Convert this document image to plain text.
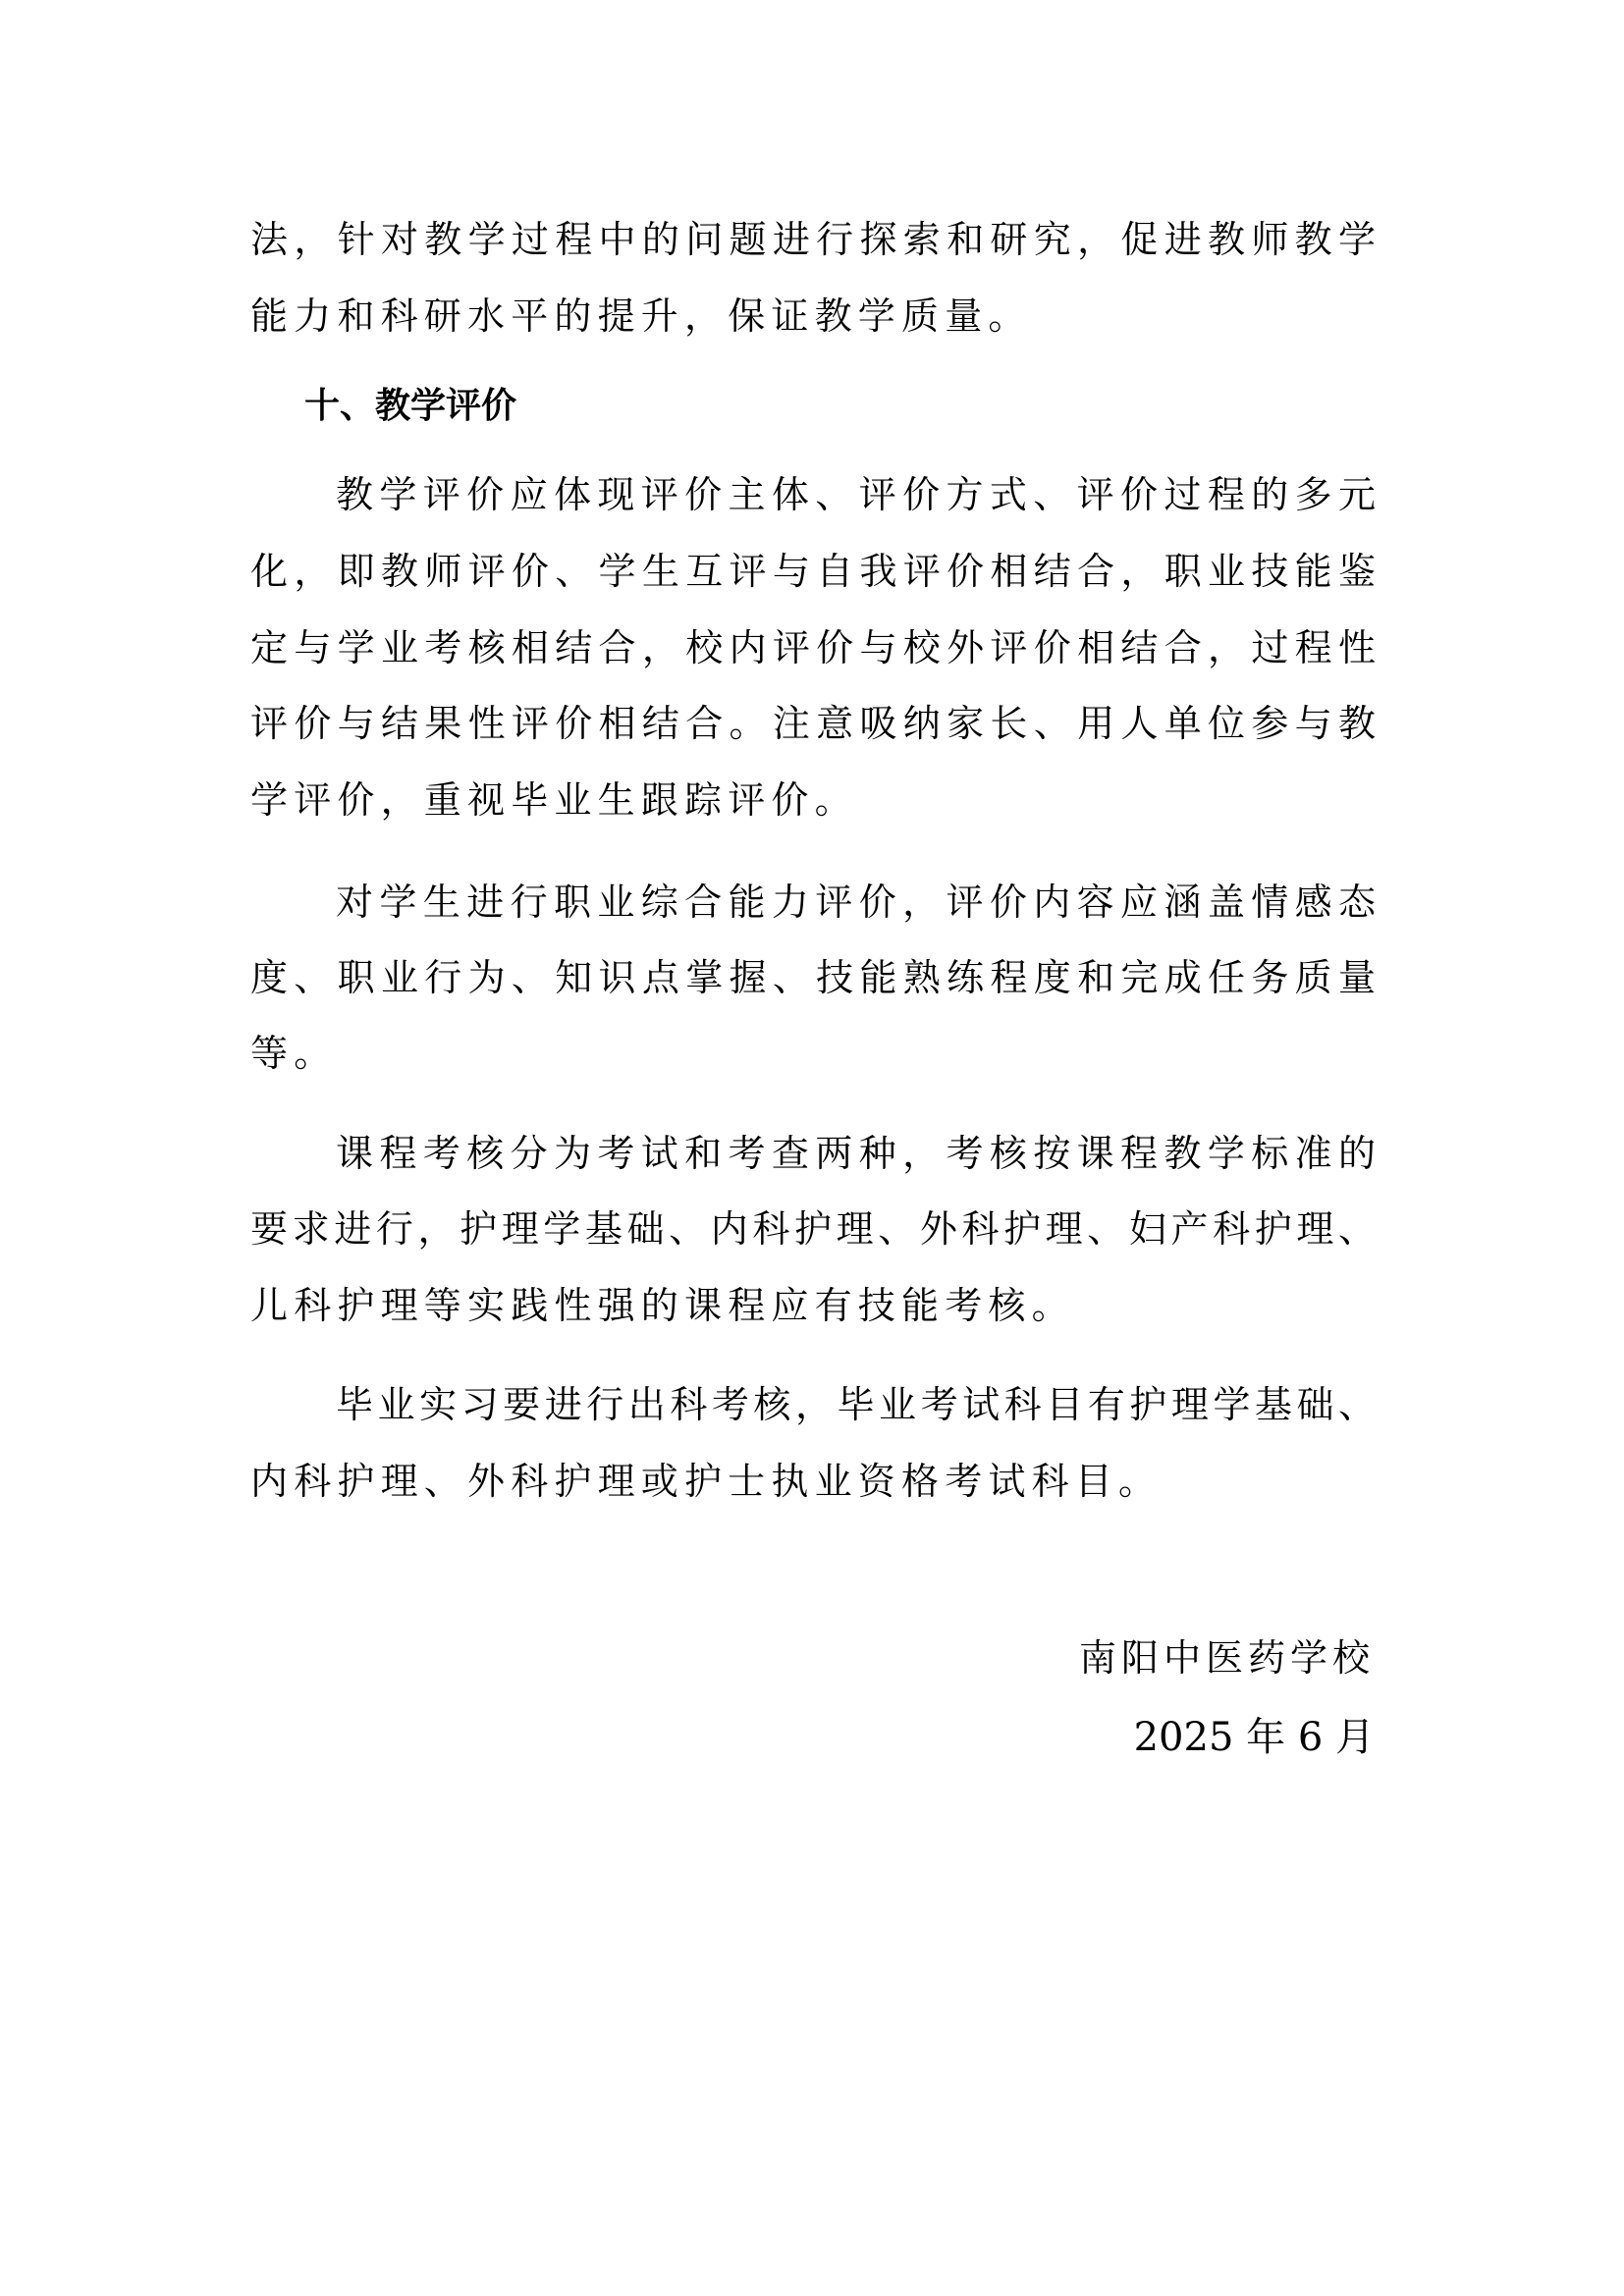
法，针对教学过程中的问题进行探索和研究，促进教师教学
能力和科研水平的提升，保证教学质量。
十、教学评价
教学评价应体现评价主体、评价方式、评价过程的多元
化，即教师评价、学生互评与自我评价相结合，职业技能鉴
定与学业考核相结合，校内评价与校外评价相结合，过程性
评价与结果性评价相结合。注意吸纳家长、用人单位参与教
学评价，重视毕业生跟踪评价。
对学生进行职业综合能力评价，评价内容应涵盖情感态
度、职业行为、知识点掌握、技能熟练程度和完成任务质量
等。
课程考核分为考试和考查两种，考核按课程教学标准的
要求进行，护理学基础、内科护理、外科护理、妇产科护理、
儿科护理等实践性强的课程应有技能考核。
毕业实习要进行出科考核，毕业考试科目有护理学基础、
内科护理、外科护理或护士执业资格考试科目。
南阳中医药学校
2025 年 6 月
